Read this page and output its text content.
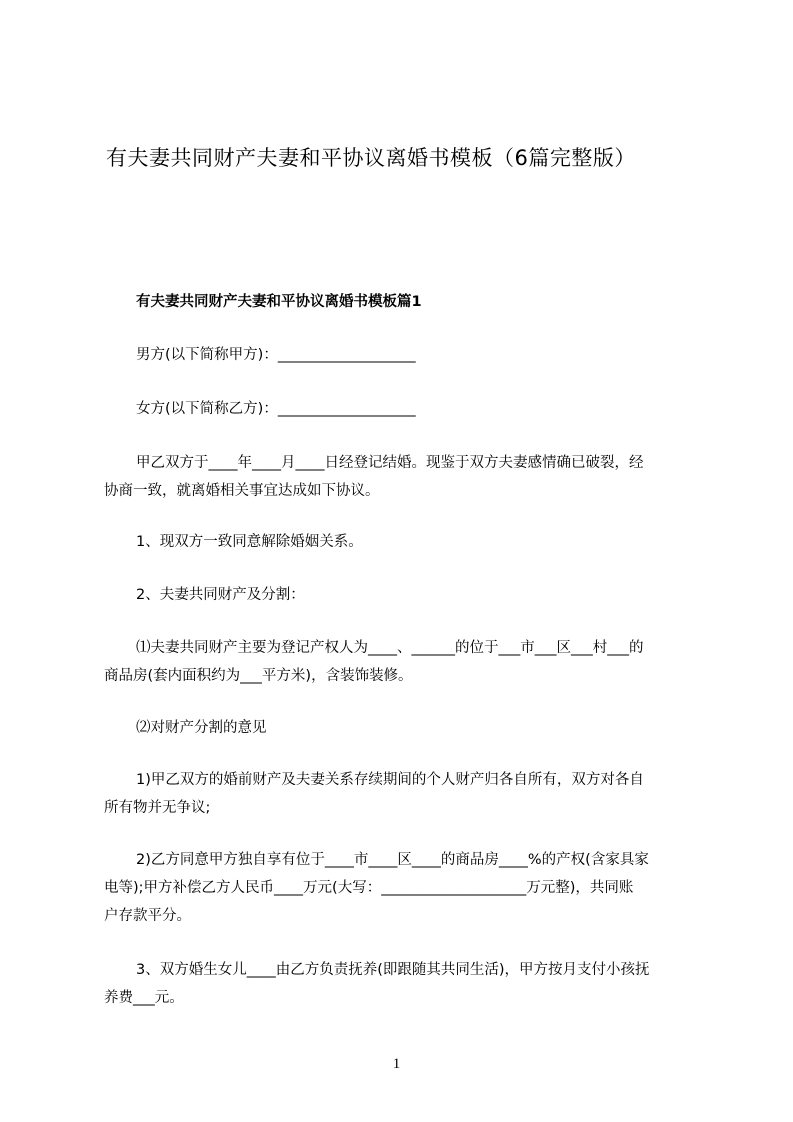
有夫妻共同财产夫妻和平协议离婚书模板（6篇完整版）
有夫妻共同财产夫妻和平协议离婚书模板篇1

男方(以下简称甲方)：___________________

女方(以下简称乙方)：___________________

甲乙双方于____年____月____日经登记结婚。现鉴于双方夫妻感情确已破裂，经
协商一致，就离婚相关事宜达成如下协议。

1、现双方一致同意解除婚姻关系。

2、夫妻共同财产及分割：

⑴夫妻共同财产主要为登记产权人为____、______的位于___市___区___村___的
商品房(套内面积约为___平方米)，含装饰装修。

⑵对财产分割的意见

1)甲乙双方的婚前财产及夫妻关系存续期间的个人财产归各自所有，双方对各自
所有物并无争议;
2)乙方同意甲方独自享有位于____市____区____的商品房____%的产权(含家具家
电等);甲方补偿乙方人民币____万元(大写：____________________万元整)，共同账
户存款平分。
3、双方婚生女儿____由乙方负责抚养(即跟随其共同生活)，甲方按月支付小孩抚
养费___元。
1
